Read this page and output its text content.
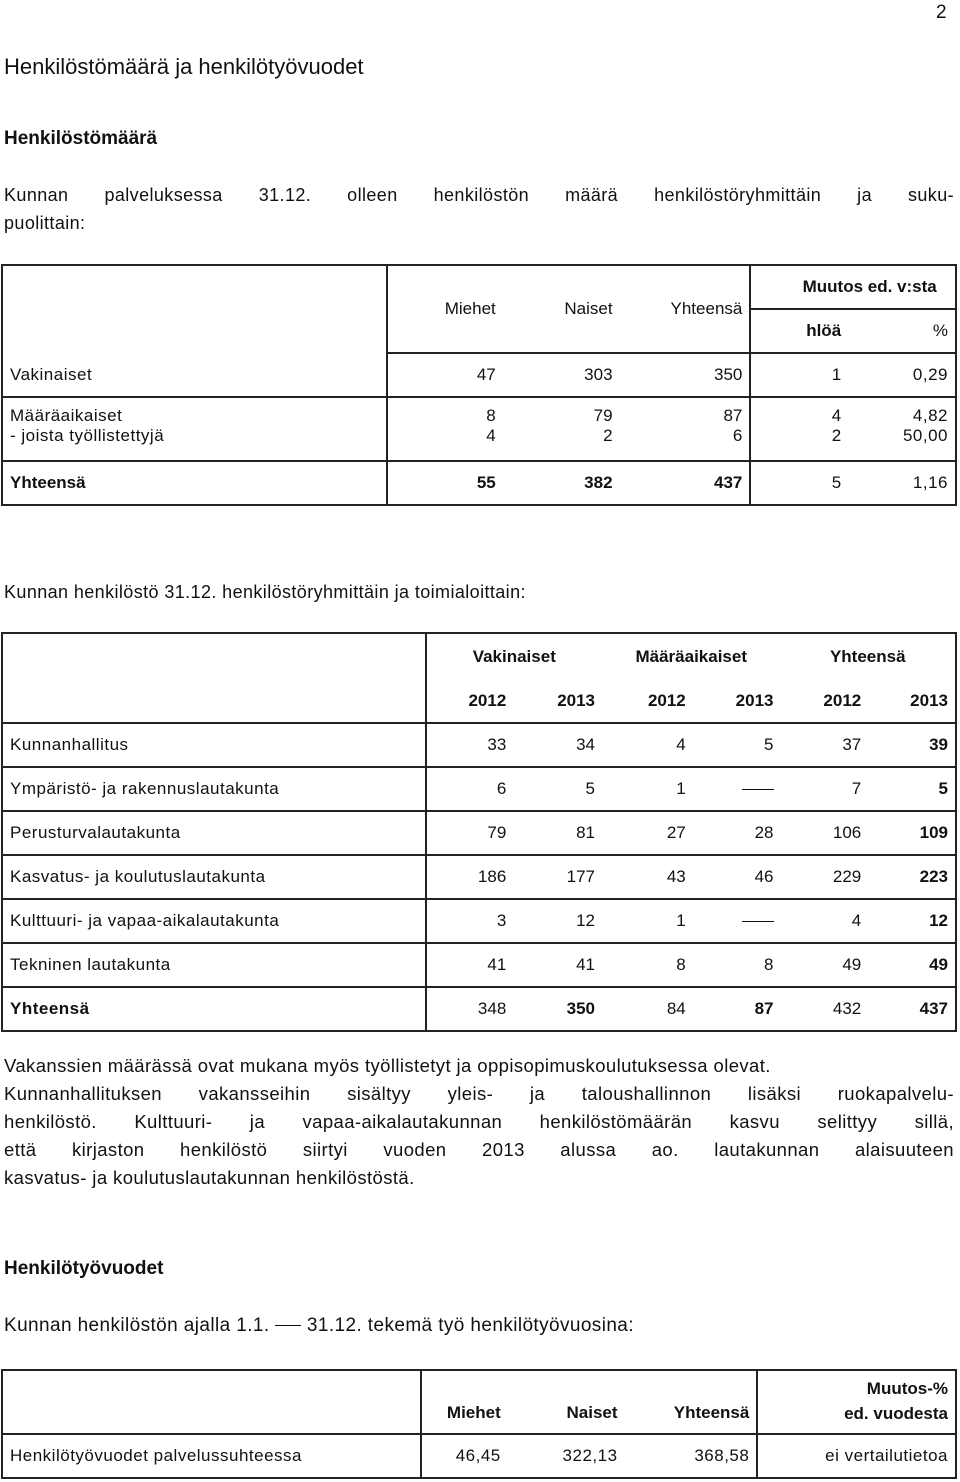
2
Henkilöstömäärä ja henkilötyövuodet
Henkilöstömäärä
Kunnan palveluksessa 31.12. olleen henkilöstön määrä henkilöstöryhmittäin ja suku-
puolittain:
	Miehet	Naiset	Yhteensä	Muutos ed. v:sta	
				hlöä	%
Vakinaiset	47	303	350	1	0,29
Määräaikaiset	8	79	87	4	4,82
- joista työllistettyjä	4	2	6	2	50,00
Yhteensä	55	382	437	5	1,16
Kunnan henkilöstö 31.12. henkilöstöryhmittäin ja toimialoittain:
	Vakinaiset		Määräaikaiset		Yhteensä	
	2012	2013	2012	2013	2012	2013
Kunnanhallitus	33	34	4	5	37	39
Ympäristö- ja rakennuslautakunta	6	5	1		7	5
Perusturvalautakunta	79	81	27	28	106	109
Kasvatus- ja koulutuslautakunta	186	177	43	46	229	223
Kulttuuri- ja vapaa-aikalautakunta	3	12	1		4	12
Tekninen lautakunta	41	41	8	8	49	49
Yhteensä	348	350	84	87	432	437
Vakanssien määrässä ovat mukana myös työllistetyt ja oppisopimuskoulutuksessa olevat.
Kunnanhallituksen vakansseihin sisältyy yleis- ja taloushallinnon lisäksi ruokapalvelu-
henkilöstö. Kulttuuri- ja vapaa-aikalautakunnan henkilöstömäärän kasvu selittyy sillä,
että kirjaston henkilöstö siirtyi vuoden 2013 alussa ao. lautakunnan alaisuuteen
kasvatus- ja koulutuslautakunnan henkilöstöstä.
Henkilötyövuodet
Kunnan henkilöstön ajalla 1.1. 31.12. tekemä työ henkilötyövuosina:
	Miehet	Naiset	Yhteensä	Muutos-%
ed. vuodesta

Henkilötyövuodet palvelussuhteessa	46,45	322,13	368,58	ei vertailutietoa
